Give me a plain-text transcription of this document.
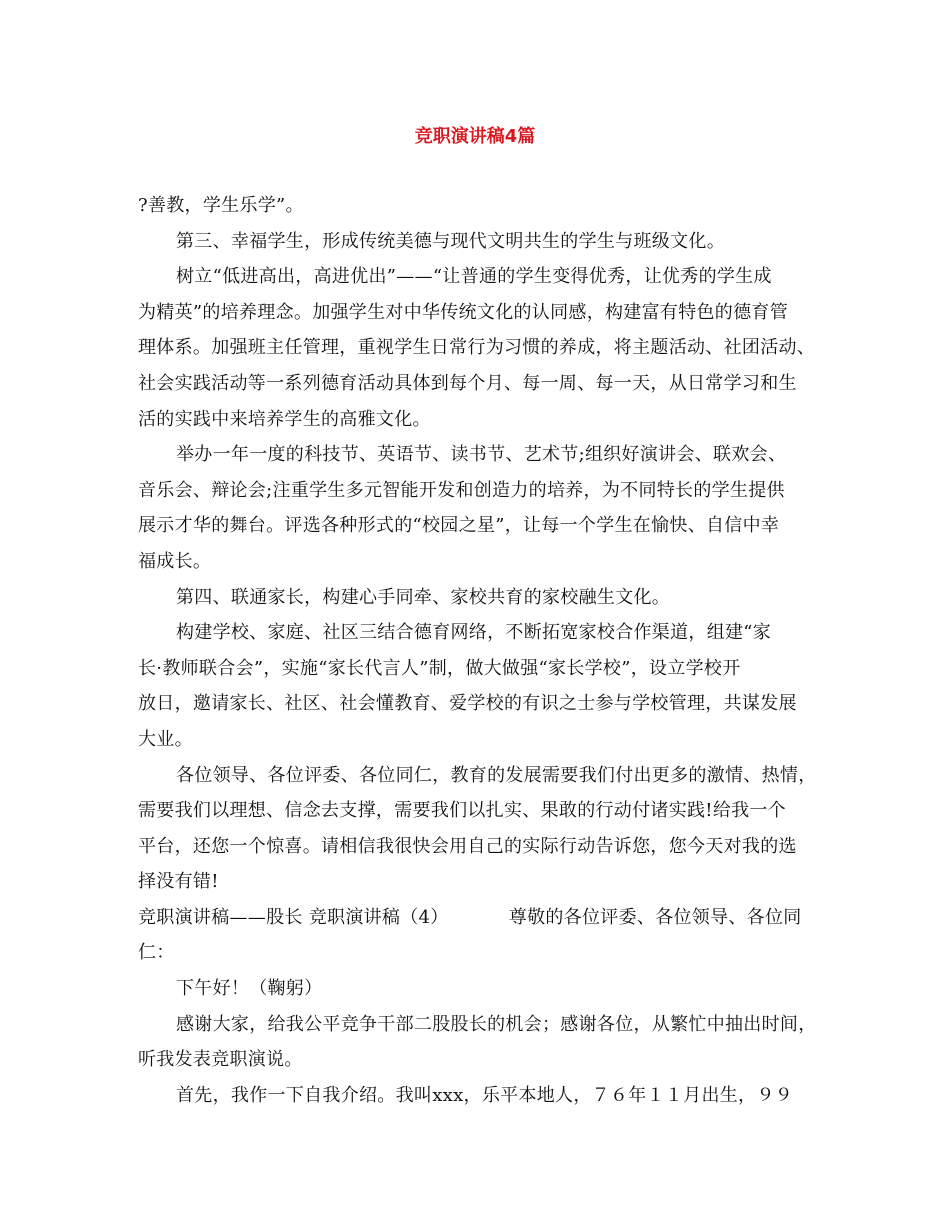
竞职演讲稿4篇
?善教，学生乐学”。
第三、幸福学生，形成传统美德与现代文明共生的学生与班级文化。
树立“低进高出，高进优出”——“让普通的学生变得优秀，让优秀的学生成
为精英”的培养理念。加强学生对中华传统文化的认同感，构建富有特色的德育管
理体系。加强班主任管理，重视学生日常行为习惯的养成，将主题活动、社团活动、
社会实践活动等一系列德育活动具体到每个月、每一周、每一天，从日常学习和生
活的实践中来培养学生的高雅文化。
举办一年一度的科技节、英语节、读书节、艺术节;组织好演讲会、联欢会、
音乐会、辩论会;注重学生多元智能开发和创造力的培养，为不同特长的学生提供
展示才华的舞台。评选各种形式的“校园之星”，让每一个学生在愉快、自信中幸
福成长。
第四、联通家长，构建心手同牵、家校共育的家校融生文化。
构建学校、家庭、社区三结合德育网络，不断拓宽家校合作渠道，组建“家
长·教师联合会”，实施“家长代言人”制，做大做强“家长学校”，设立学校开
放日，邀请家长、社区、社会懂教育、爱学校的有识之士参与学校管理，共谋发展
大业。
各位领导、各位评委、各位同仁，教育的发展需要我们付出更多的激情、热情，
需要我们以理想、信念去支撑，需要我们以扎实、果敢的行动付诸实践!给我一个
平台，还您一个惊喜。请相信我很快会用自己的实际行动告诉您，您今天对我的选
择没有错!
竞职演讲稿——股长 竞职演讲稿（4）          尊敬的各位评委、各位领导、各位同
仁：
下午好！（鞠躬）
感谢大家，给我公平竞争干部二股股长的机会；感谢各位，从繁忙中抽出时间，
听我发表竞职演说。
首先，我作一下自我介绍。我叫xxx，乐平本地人，７６年１１月出生，９９
